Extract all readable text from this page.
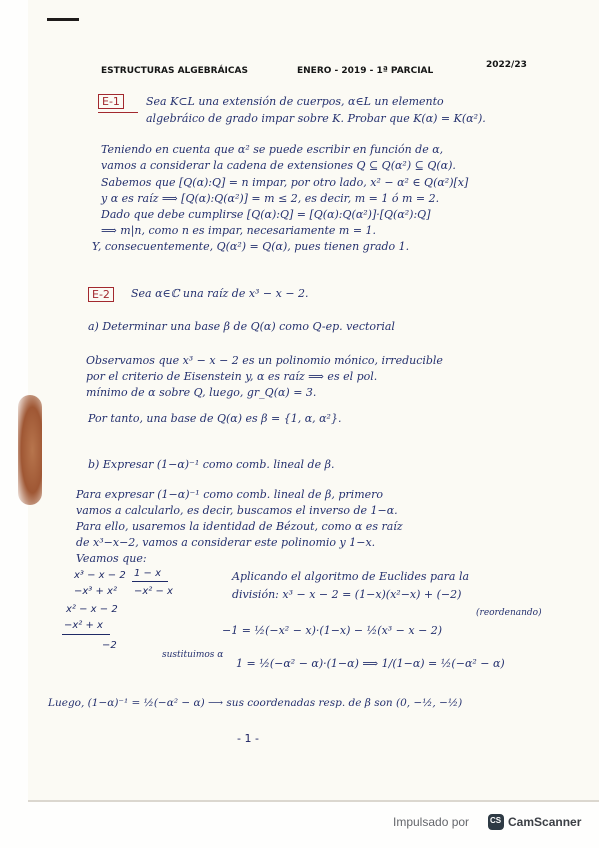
ESTRUCTURAS ALGEBRÁICAS	ENERO - 2019 - 1ª PARCIAL
2022/23
E-1	Sea K⊂L una extensión de cuerpos, α∈L un elemento
algebráico de grado impar sobre K. Probar que K(α) = K(α²).
Teniendo en cuenta que α² se puede escribir en función de α,
vamos a considerar la cadena de extensiones Q ⊆ Q(α²) ⊆ Q(α).
Sabemos que [Q(α):Q] = n impar, por otro lado, x² − α² ∈ Q(α²)[x]
y α es raíz ⟹ [Q(α):Q(α²)] = m ≤ 2, es decir, m = 1 ó m = 2.
Dado que debe cumplirse [Q(α):Q] = [Q(α):Q(α²)]·[Q(α²):Q]
⟹ m|n, como n es impar, necesariamente m = 1.
Y, consecuentemente, Q(α²) = Q(α), pues tienen grado 1.
E-2	Sea α∈ℂ una raíz de x³ − x − 2.
a) Determinar una base β de Q(α) como Q-ep. vectorial
Observamos que x³ − x − 2 es un polinomio mónico, irreducible
por el criterio de Eisenstein y, α es raíz ⟹ es el pol.
mínimo de α sobre Q, luego, gr_Q(α) = 3.
Por tanto, una base de Q(α) es β = {1, α, α²}.
b) Expresar (1−α)⁻¹ como comb. lineal de β.
Para expresar (1−α)⁻¹ como comb. lineal de β, primero
vamos a calcularlo, es decir, buscamos el inverso de 1−α.
Para ello, usaremos la identidad de Bézout, como α es raíz
de x³−x−2, vamos a considerar este polinomio y 1−x.
Veamos que:
x³ − x − 2 1 − x
−x³ + x² −x² − x
x² − x − 2
−x² + x
−2
Aplicando el algoritmo de Euclides para la
división: x³ − x − 2 = (1−x)(x²−x) + (−2)
(reordenando)
−1 = ½(−x² − x)·(1−x) − ½(x³ − x − 2)
sustituimos α
1 = ½(−α² − α)·(1−α) ⟹ 1/(1−α) = ½(−α² − α)
Luego, (1−α)⁻¹ = ½(−α² − α) ⟶ sus coordenadas resp. de β son (0, −½, −½)
- 1 -
Impulsado por
CS	CamScanner
